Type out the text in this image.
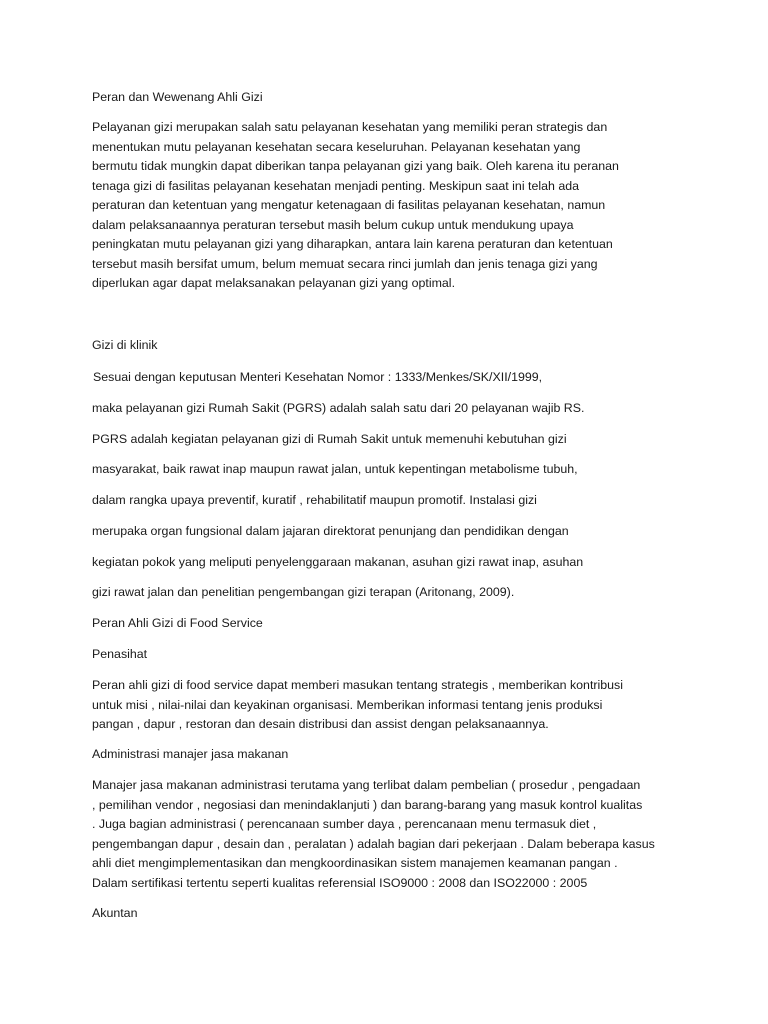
Peran dan Wewenang Ahli Gizi
Pelayanan gizi merupakan salah satu pelayanan kesehatan yang memiliki peran strategis dan
menentukan mutu pelayanan kesehatan secara keseluruhan. Pelayanan kesehatan yang
bermutu tidak mungkin dapat diberikan tanpa pelayanan gizi yang baik. Oleh karena itu peranan
tenaga gizi di fasilitas pelayanan kesehatan menjadi penting. Meskipun saat ini telah ada
peraturan dan ketentuan yang mengatur ketenagaan di fasilitas pelayanan kesehatan, namun
dalam pelaksanaannya peraturan tersebut masih belum cukup untuk mendukung upaya
peningkatan mutu pelayanan gizi yang diharapkan, antara lain karena peraturan dan ketentuan
tersebut masih bersifat umum, belum memuat secara rinci jumlah dan jenis tenaga gizi yang
diperlukan agar dapat melaksanakan pelayanan gizi yang optimal.
Gizi di klinik
Sesuai dengan keputusan Menteri Kesehatan Nomor : 1333/Menkes/SK/XII/1999,
maka pelayanan gizi Rumah Sakit (PGRS) adalah salah satu dari 20 pelayanan wajib RS.
PGRS adalah kegiatan pelayanan gizi di Rumah Sakit untuk memenuhi kebutuhan gizi
masyarakat, baik rawat inap maupun rawat jalan, untuk kepentingan metabolisme tubuh,
dalam rangka upaya preventif, kuratif , rehabilitatif maupun promotif. Instalasi gizi
merupaka organ fungsional dalam jajaran direktorat penunjang dan pendidikan dengan
kegiatan pokok yang meliputi penyelenggaraan makanan, asuhan gizi rawat inap, asuhan
gizi rawat jalan dan penelitian pengembangan gizi terapan (Aritonang, 2009).
Peran Ahli Gizi di Food Service
Penasihat
Peran ahli gizi di food service dapat memberi masukan tentang strategis , memberikan kontribusi
untuk misi , nilai-nilai dan keyakinan organisasi. Memberikan informasi tentang jenis produksi
pangan , dapur , restoran dan desain distribusi dan assist dengan pelaksanaannya.
Administrasi manajer jasa makanan
Manajer jasa makanan administrasi terutama yang terlibat dalam pembelian ( prosedur , pengadaan
, pemilihan vendor , negosiasi dan menindaklanjuti ) dan barang-barang yang masuk kontrol kualitas
. Juga bagian administrasi ( perencanaan sumber daya , perencanaan menu termasuk diet ,
pengembangan dapur , desain dan , peralatan ) adalah bagian dari pekerjaan . Dalam beberapa kasus
ahli diet mengimplementasikan dan mengkoordinasikan sistem manajemen keamanan pangan .
Dalam sertifikasi tertentu seperti kualitas referensial ISO9000 : 2008 dan ISO22000 : 2005
Akuntan
